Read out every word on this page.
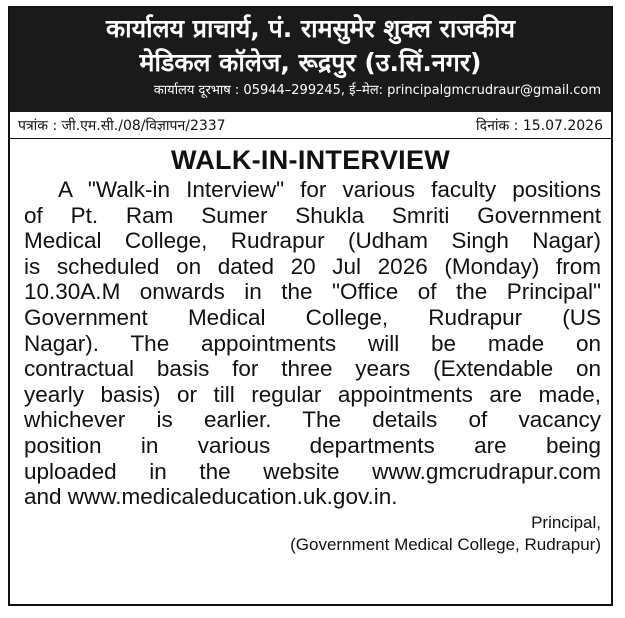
कार्यालय प्राचार्य, पं. रामसुमेर शुक्ल राजकीय
मेडिकल कॉलेज, रूद्रपुर (उ.सिं.नगर)
कार्यालय दूरभाष : 05944–299245, ई–मेल: principalgmcrudraur@gmail.com
पत्रांक : जी.एम.सी./08/विज्ञापन/2337	दिनांक : 15.07.2026
WALK-IN-INTERVIEW
A "Walk-in Interview" for various faculty positions
of Pt. Ram Sumer Shukla Smriti Government
Medical College, Rudrapur (Udham Singh Nagar)
is scheduled on dated 20 Jul 2026 (Monday) from
10.30A.M onwards in the "Office of the Principal"
Government Medical College, Rudrapur (US
Nagar). The appointments will be made on
contractual basis for three years (Extendable on
yearly basis) or till regular appointments are made,
whichever is earlier. The details of vacancy
position in various departments are being
uploaded in the website www.gmcrudrapur.com
and www.medicaleducation.uk.gov.in.
Principal,
(Government Medical College, Rudrapur)
